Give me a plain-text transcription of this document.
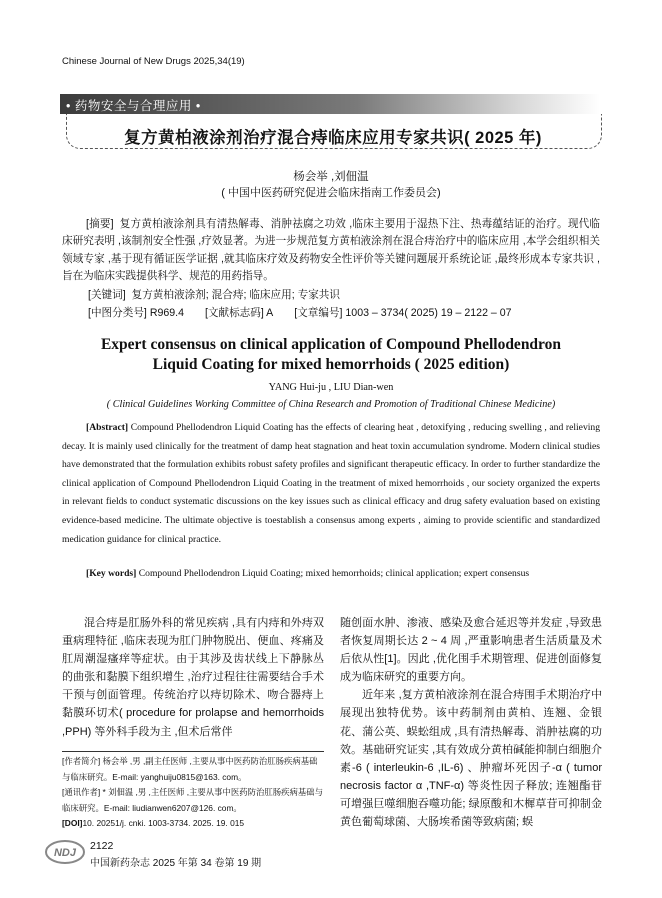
Chinese Journal of New Drugs 2025,34(19)
• 药物安全与合理应用 •
复方黄柏液涂剂治疗混合痔临床应用专家共识( 2025 年)
杨会举 ,刘佃温
( 中国中医药研究促进会临床指南工作委员会)
[摘要] 复方黄柏液涂剂具有清热解毒、消肿祛腐之功效 ,临床主要用于湿热下注、热毒蕴结证的治疗。现代临床研究表明 ,该制剂安全性强 ,疗效显著。为进一步规范复方黄柏液涂剂在混合痔治疗中的临床应用 ,本学会组织相关领域专家 ,基于现有循证医学证据 ,就其临床疗效及药物安全性评价等关键问题展开系统论证 ,最终形成本专家共识 ,旨在为临床实践提供科学、规范的用药指导。
[关键词] 复方黄柏液涂剂; 混合痔; 临床应用; 专家共识
[中图分类号] R969.4 [文献标志码] A [文章编号] 1003 – 3734( 2025) 19 – 2122 – 07
Expert consensus on clinical application of Compound Phellodendron
Liquid Coating for mixed hemorrhoids ( 2025 edition)
YANG Hui-ju , LIU Dian-wen
( Clinical Guidelines Working Committee of China Research and Promotion of Traditional Chinese Medicine)
[Abstract] Compound Phellodendron Liquid Coating has the effects of clearing heat , detoxifying , reducing swelling , and relieving decay. It is mainly used clinically for the treatment of damp heat stagnation and heat toxin accumulation syndrome. Modern clinical studies have demonstrated that the formulation exhibits robust safety profiles and significant therapeutic efficacy. In order to further standardize the clinical application of Compound Phellodendron Liquid Coating in the treatment of mixed hemorrhoids , our society organized the experts in relevant fields to conduct systematic discussions on the key issues such as clinical efficacy and drug safety evaluation based on existing evidence-based medicine. The ultimate objective is toestablish a consensus among experts , aiming to provide scientific and standardized medication guidance for clinical practice.
[Key words] Compound Phellodendron Liquid Coating; mixed hemorrhoids; clinical application; expert consensus

混合痔是肛肠外科的常见疾病 ,具有内痔和外痔双重病理特征 ,临床表现为肛门肿物脱出、便血、疼痛及肛周潮湿瘙痒等症状。由于其涉及齿状线上下静脉丛的曲张和黏膜下组织增生 ,治疗过程往往需要结合手术干预与创面管理。传统治疗以痔切除术、吻合器痔上黏膜环切术( procedure for prolapse and hemorrhoids ,PPH) 等外科手段为主 ,但术后常伴

随创面水肿、渗液、感染及愈合延迟等并发症 ,导致患者恢复周期长达 2 ~ 4 周 ,严重影响患者生活质量及术后依从性[1]。因此 ,优化围手术期管理、促进创面修复成为临床研究的重要方向。

近年来 ,复方黄柏液涂剂在混合痔围手术期治疗中展现出独特优势。该中药制剂由黄柏、连翘、金银花、蒲公英、蜈蚣组成 ,具有清热解毒、消肿祛腐的功效。基础研究证实 ,其有效成分黄柏碱能抑制白细胞介素-6 ( interleukin-6 ,IL-6) 、肿瘤坏死因子-α ( tumor necrosis factor α ,TNF-α) 等炎性因子释放; 连翘酯苷可增强巨噬细胞吞噬功能; 绿原酸和木樨草苷可抑制金黄色葡萄球菌、大肠埃希菌等致病菌; 蜈

[作者简介] 杨会举 ,男 ,副主任医师 ,主要从事中医药防治肛肠疾病基础与临床研究。E-mail: yanghuiju0815@163. com。

[通讯作者] * 刘佃温 ,男 ,主任医师 ,主要从事中医药防治肛肠疾病基础与临床研究。E-mail: liudianwen6207@126. com。

[DOI]10. 20251/j. cnki. 1003-3734. 2025. 19. 015

NDJ
2122
中国新药杂志 2025 年第 34 卷第 19 期
